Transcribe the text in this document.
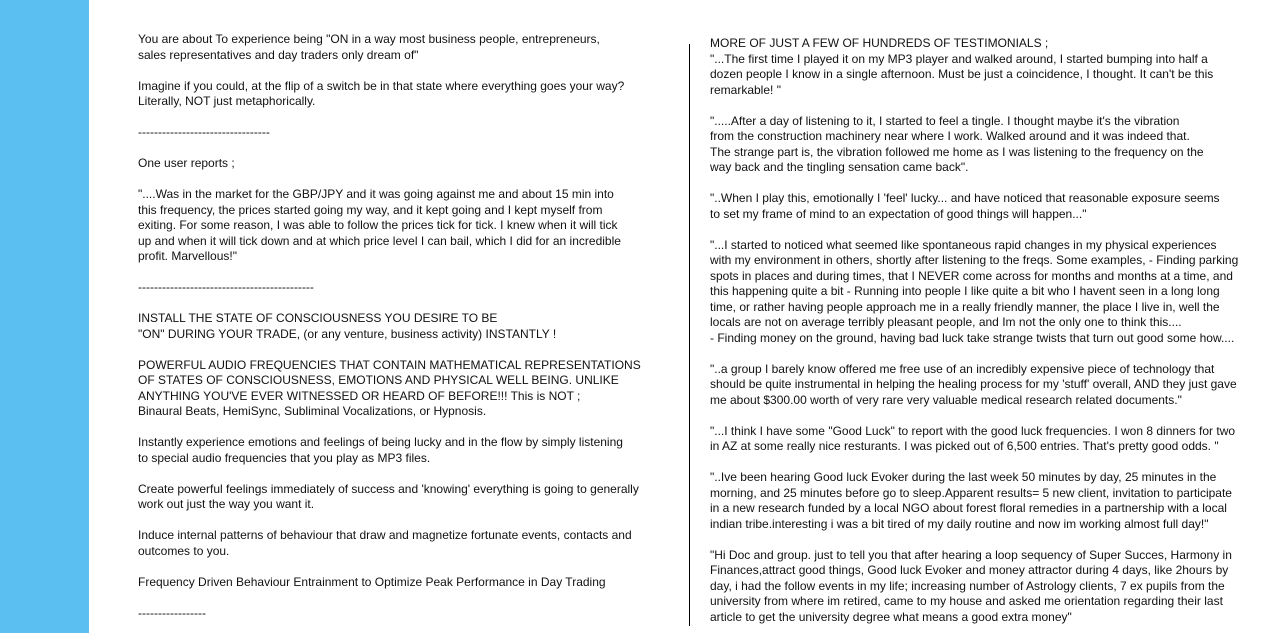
You are about To experience being "ON in a way most business people, entrepreneurs,
sales representatives and day traders only dream of"

Imagine if you could, at the flip of a switch be in that state where everything goes your way?
Literally, NOT just metaphorically.

---------------------------------

One user reports ;

"....Was in the market for the GBP/JPY and it was going against me and about 15 min into
this frequency, the prices started going my way, and it kept going and I kept myself from
exiting. For some reason, I was able to follow the prices tick for tick. I knew when it will tick
up and when it will tick down and at which price level I can bail, which I did for an incredible
profit. Marvellous!"

--------------------------------------------

INSTALL THE STATE OF CONSCIOUSNESS YOU DESIRE TO BE
"ON" DURING YOUR TRADE, (or any venture, business activity) INSTANTLY !

POWERFUL AUDIO FREQUENCIES THAT CONTAIN MATHEMATICAL REPRESENTATIONS
OF STATES OF CONSCIOUSNESS, EMOTIONS AND PHYSICAL WELL BEING. UNLIKE
ANYTHING YOU'VE EVER WITNESSED OR HEARD OF BEFORE!!! This is NOT ;
Binaural Beats, HemiSync, Subliminal Vocalizations, or Hypnosis.

Instantly experience emotions and feelings of being lucky and in the flow by simply listening
to special audio frequencies that you play as MP3 files.

Create powerful feelings immediately of success and 'knowing' everything is going to generally
work out just the way you want it.

Induce internal patterns of behaviour that draw and magnetize fortunate events, contacts and
outcomes to you.

Frequency Driven Behaviour Entrainment to Optimize Peak Performance in Day Trading

-----------------

MORE OF JUST A FEW OF HUNDREDS OF TESTIMONIALS ;

"...The first time I played it on my MP3 player and walked around, I started bumping into half a
dozen people I know in a single afternoon. Must be just a coincidence, I thought. It can't be this
remarkable! "

".....After a day of listening to it, I started to feel a tingle. I thought maybe it's the vibration
from the construction machinery near where I work. Walked around and it was indeed that.
The strange part is, the vibration followed me home as I was listening to the frequency on the
way back and the tingling sensation came back".

"..When I play this, emotionally I 'feel' lucky... and have noticed that reasonable exposure seems
to set my frame of mind to an expectation of good things will happen..."

"...I started to noticed what seemed like spontaneous rapid changes in my physical experiences
with my environment in others, shortly after listening to the freqs. Some examples, - Finding parking
spots in places and during times, that I NEVER come across for months and months at a time, and
this happening quite a bit - Running into people I like quite a bit who I havent seen in a long long
time, or rather having people approach me in a really friendly manner, the place I live in, well the
locals are not on average terribly pleasant people, and Im not the only one to think this....
- Finding money on the ground, having bad luck take strange twists that turn out good some how....

"..a group I barely know offered me free use of an incredibly expensive piece of technology that
should be quite instrumental in helping the healing process for my 'stuff' overall, AND they just gave
me about $300.00 worth of very rare very valuable medical research related documents."

"...I think I have some "Good Luck" to report with the good luck frequencies. I won 8 dinners for two
in AZ at some really nice resturants. I was picked out of 6,500 entries. That's pretty good odds. "

"..Ive been hearing Good luck Evoker during the last week 50 minutes by day, 25 minutes in the
morning, and 25 minutes before go to sleep.Apparent results= 5 new client, invitation to participate
in a new research funded by a local NGO about forest floral remedies in a partnership with a local
indian tribe.interesting i was a bit tired of my daily routine and now im working almost full day!"

"Hi Doc and group. just to tell you that after hearing a loop sequency of Super Succes, Harmony in
Finances,attract good things, Good luck Evoker and money attractor during 4 days, like 2hours by
day, i had the follow events in my life; increasing number of Astrology clients, 7 ex pupils from the
university from where im retired, came to my house and asked me orientation regarding their last
article to get the university degree what means a good extra money"
